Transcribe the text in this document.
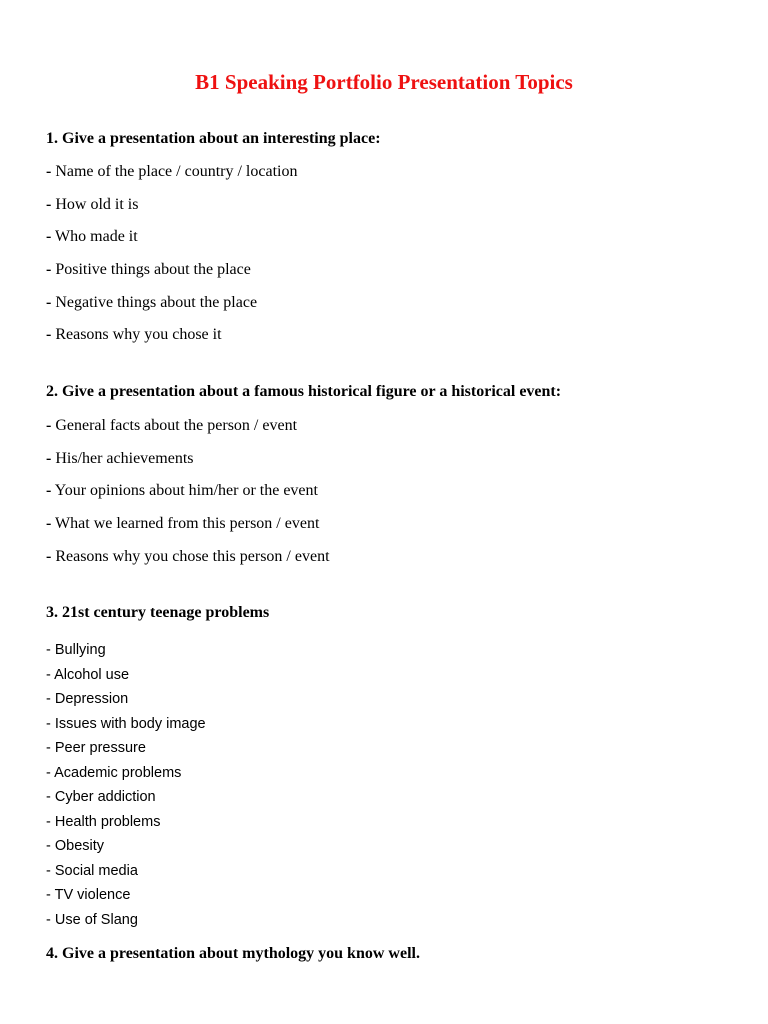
B1 Speaking Portfolio Presentation Topics

1. Give a presentation about an interesting place:

- Name of the place / country / location
- How old it is
- Who made it
- Positive things about the place
- Negative things about the place
- Reasons why you chose it

2. Give a presentation about a famous historical figure or a historical event:

- General facts about the person / event
- His/her achievements
- Your opinions about him/her or the event
- What we learned from this person / event
- Reasons why you chose this person / event

3. 21st century teenage problems

- Bullying
- Alcohol use
- Depression
- Issues with body image
- Peer pressure
- Academic problems
- Cyber addiction
- Health problems
- Obesity
- Social media
- TV violence
- Use of Slang

4. Give a presentation about mythology you know well.
